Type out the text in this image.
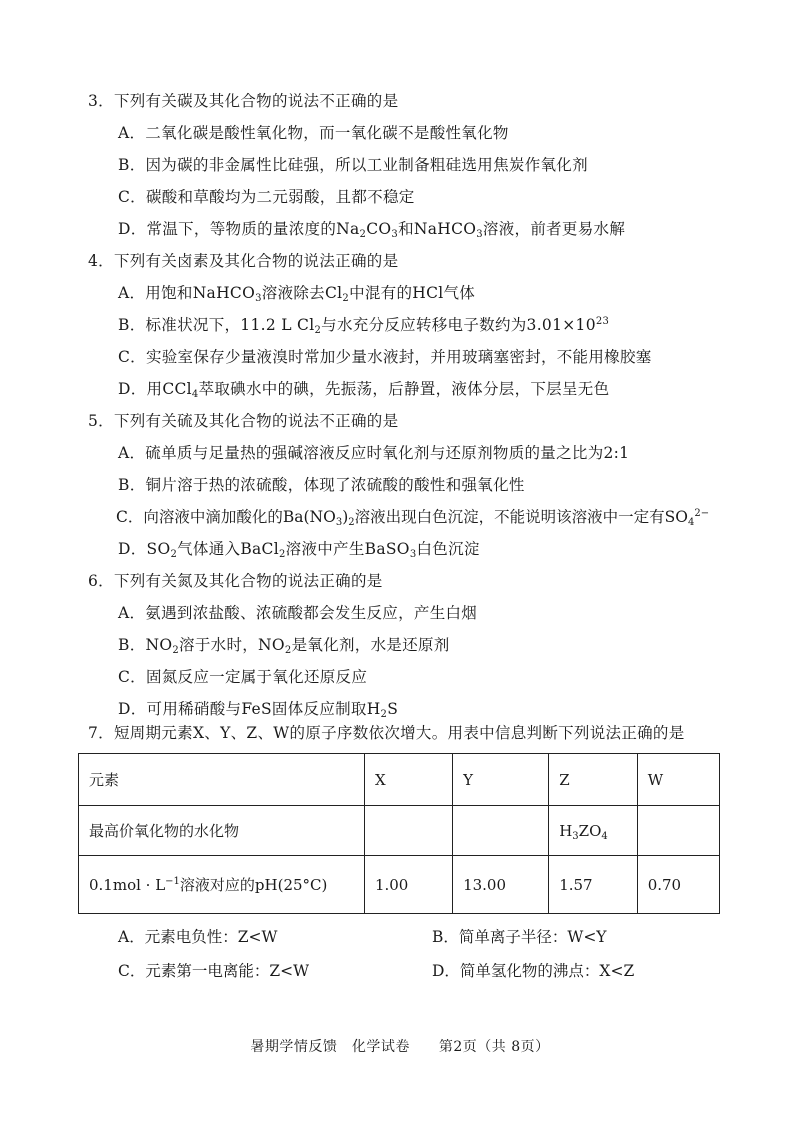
3．下列有关碳及其化合物的说法不正确的是
A．二氧化碳是酸性氧化物，而一氧化碳不是酸性氧化物
B．因为碳的非金属性比硅强，所以工业制备粗硅选用焦炭作氧化剂
C．碳酸和草酸均为二元弱酸，且都不稳定
D．常温下，等物质的量浓度的$Na_2CO_3$和NaHCO$_3$溶液，前者更易水解
4．下列有关卤素及其化合物的说法正确的是
A．用饱和NaHCO$_3$溶液除去$Cl_2$中混有的HCl气体
B．标准状况下，11.2 L $Cl_2$与水充分反应转移电子数约为$3.01\times 10^{23}$
C．实验室保存少量液溴时常加少量水液封，并用玻璃塞密封，不能用橡胶塞
D．用CCl$_4$萃取碘水中的碘，先振荡，后静置，液体分层，下层呈无色
5．下列有关硫及其化合物的说法不正确的是
A．硫单质与足量热的强碱溶液反应时氧化剂与还原剂物质的量之比为2:1
B．铜片溶于热的浓硫酸，体现了浓硫酸的酸性和强氧化性
C．向溶液中滴加酸化的$Ba(NO_3)_2$溶液出现白色沉淀，不能说明该溶液中一定有$SO_4^{2-}$
D．$SO_2$气体通入BaCl$_2$溶液中产生BaSO$_3$白色沉淀
6．下列有关氮及其化合物的说法正确的是
A．氨遇到浓盐酸、浓硫酸都会发生反应，产生白烟
B．$NO_2$溶于水时，$NO_2$是氧化剂，水是还原剂
C．固氮反应一定属于氧化还原反应
D．可用稀硝酸与FeS固体反应制取$H_2S$
7．短周期元素X、Y、Z、W的原子序数依次增大。用表中信息判断下列说法正确的是
元素	X	Y	Z	W
最高价氧化物的水化物			$H_3ZO_4$	
$0.1mol \cdot L^{-1}$溶液对应的pH(25°C)	1.00	13.00	1.57	0.70
A．元素电负性：Z<W	B．简单离子半径：W<Y
C．元素第一电离能：Z<W	D．简单氢化物的沸点：X<Z
暑期学情反馈　化学试卷　　第2页（共 8页）
